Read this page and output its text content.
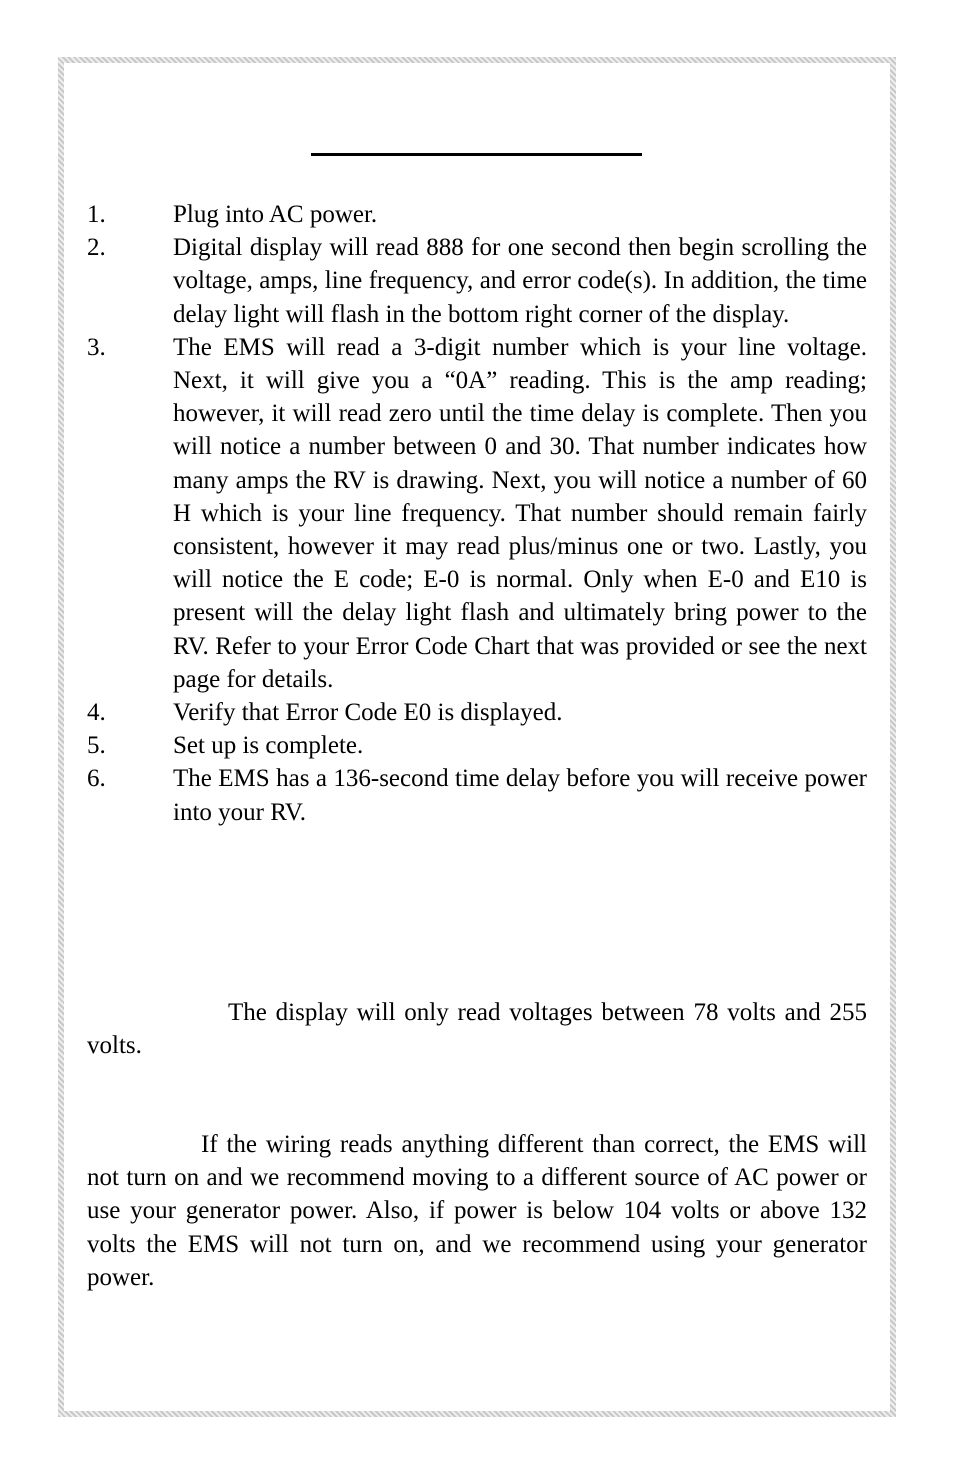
1.	Plug into AC power.
2.	Digital display will read 888 for one second then begin scrolling the voltage, amps, line frequency, and error code(s). In addition, the time delay light will flash in the bottom right corner of the display.
3.	The EMS will read a 3-digit number which is your line voltage. Next, it will give you a “0A” reading. This is the amp reading; however, it will read zero until the time delay is complete. Then you will notice a number between 0 and 30. That number indicates how many amps the RV is drawing. Next, you will notice a number of 60 H which is your line frequency. That number should remain fairly consistent, however it may read plus/minus one or two. Lastly, you will notice the E code; E-0 is normal. Only when E-0 and E10 is present will the delay light flash and ultimately bring power to the RV. Refer to your Error Code Chart that was provided or see the next page for details.
4.	Verify that Error Code E0 is displayed.
5.	Set up is complete.
6.	The EMS has a 136-second time delay before you will receive power into your RV.

The display will only read voltages between 78 volts and 255 volts.

If the wiring reads anything different than correct, the EMS will not turn on and we recommend moving to a different source of AC power or use your generator power. Also, if power is below 104 volts or above 132 volts the EMS will not turn on, and we recommend using your generator power.
